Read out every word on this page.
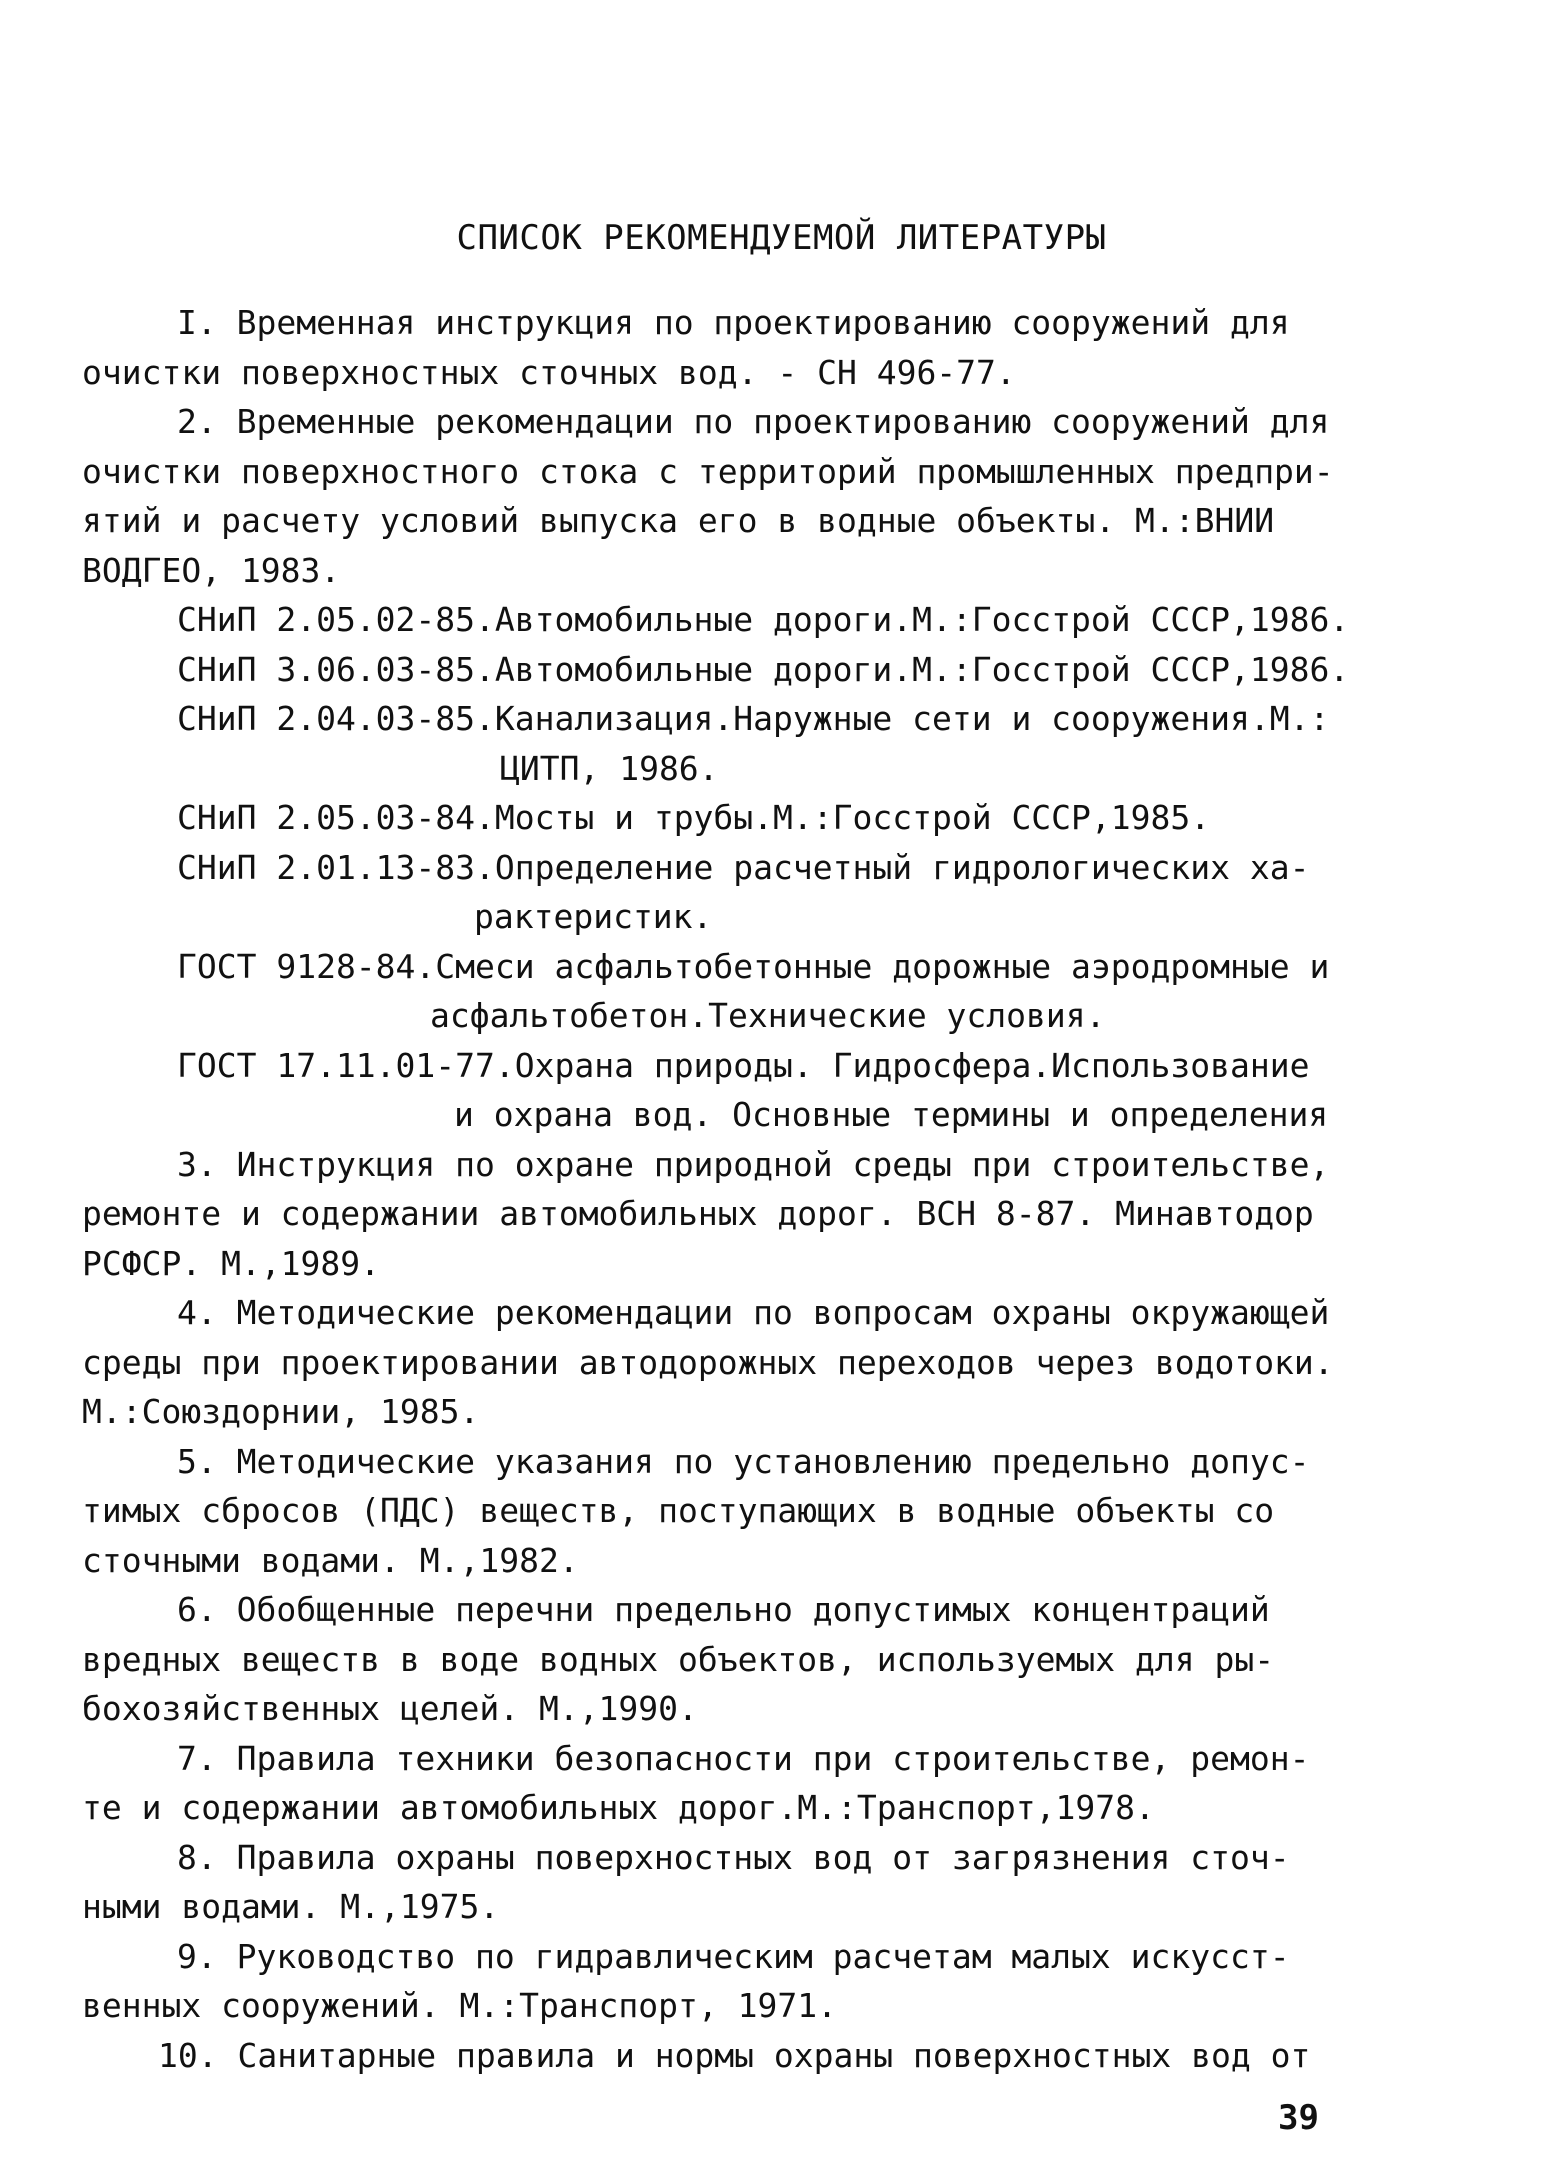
СПИСОК РЕКОМЕНДУЕМОЙ ЛИТЕРАТУРЫ
I. Временная инструкция по проектированию сооружений для
очистки поверхностных сточных вод. - СН 496-77.
2. Временные рекомендации по проектированию сооружений для
очистки поверхностного стока с территорий промышленных предпри-
ятий и расчету условий выпуска его в водные объекты. М.:ВНИИ
ВОДГЕО, 1983.
СНиП 2.05.02-85.Автомобильные дороги.М.:Госстрой СССР,1986.
СНиП 3.06.03-85.Автомобильные дороги.М.:Госстрой СССР,1986.
СНиП 2.04.03-85.Канализация.Наружные сети и сооружения.М.:
ЦИТП, 1986.
СНиП 2.05.03-84.Мосты и трубы.М.:Госстрой СССР,1985.
СНиП 2.01.13-83.Определение расчетный гидрологических ха-
рактеристик.
ГОСТ 9128-84.Смеси асфальтобетонные дорожные аэродромные и
асфальтобетон.Технические условия.
ГОСТ 17.11.01-77.Охрана природы. Гидросфера.Использование
и охрана вод. Основные термины и определения
3. Инструкция по охране природной среды при строительстве,
ремонте и содержании автомобильных дорог. ВСН 8-87. Минавтодор
РСФСР. М.,1989.
4. Методические рекомендации по вопросам охраны окружающей
среды при проектировании автодорожных переходов через водотоки.
М.:Союздорнии, 1985.
5. Методические указания по установлению предельно допус-
тимых сбросов (ПДС) веществ, поступающих в водные объекты со
сточными водами. М.,1982.
6. Обобщенные перечни предельно допустимых концентраций
вредных веществ в воде водных объектов, используемых для ры-
бохозяйственных целей. М.,1990.
7. Правила техники безопасности при строительстве, ремон-
те и содержании автомобильных дорог.М.:Транспорт,1978.
8. Правила охраны поверхностных вод от загрязнения сточ-
ными водами. М.,1975.
9. Руководство по гидравлическим расчетам малых искусст-
венных сооружений. М.:Транспорт, 1971.
10. Санитарные правила и нормы охраны поверхностных вод от
39
